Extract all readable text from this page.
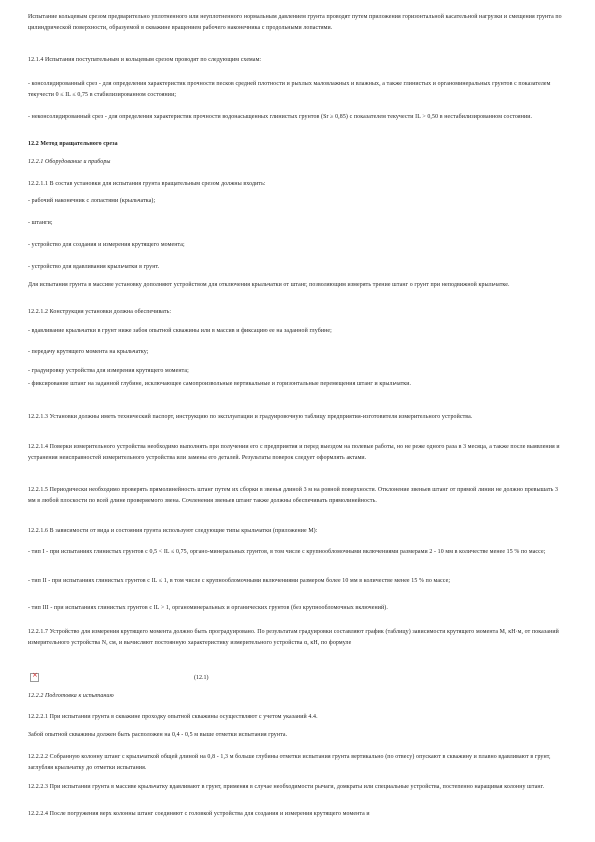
Испытание кольцевым срезом предварительно уплотненного или неуплотненного нормальным давлением грунта проводят путем приложения горизонтальной касательной нагрузки и смещения грунта по цилиндрической поверхности, образуемой в скважине вращением рабочего наконечника с продольными лопастями.

12.1.4 Испытания поступательным и кольцевым срезом проводят по следующим схемам:

- консолидированный срез - для определения характеристик прочности песков средней плотности и рыхлых маловлажных и влажных, а также глинистых и органоминеральных грунтов с показателем текучести 0 ≤ IL ≤ 0,75 в стабилизированном состоянии;

- неконсолидированный срез - для определения характеристик прочности водонасыщенных глинистых грунтов (Sr ≥ 0,85) с показателем текучести IL > 0,50 в нестабилизированном состоянии.

12.2 Метод вращательного среза

12.2.1 Оборудование и приборы

12.2.1.1 В состав установки для испытания грунта вращательным срезом должны входить:

- рабочий наконечник с лопастями (крыльчатка);

- штанги;

- устройство для создания и измерения крутящего момента;

- устройство для вдавливания крыльчатки в грунт.

Для испытания грунта в массиве установку дополняют устройством для отключения крыльчатки от штанг, позволяющим измерять трение штанг о грунт при неподвижной крыльчатке.

12.2.1.2 Конструкция установки должна обеспечивать:

- вдавливание крыльчатки в грунт ниже забоя опытной скважины или в массив и фиксацию ее на заданной глубине;

- передачу крутящего момента на крыльчатку;

- градуировку устройства для измерения крутящего момента;

- фиксирование штанг на заданной глубине, исключающее самопроизвольные вертикальные и горизонтальные перемещения штанг и крыльчатки.

12.2.1.3 Установки должны иметь технический паспорт, инструкцию по эксплуатации и градуировочную таблицу предприятия-изготовителя измерительного устройства.

12.2.1.4 Поверки измерительного устройства необходимо выполнять при получении его с предприятия и перед выездом на полевые работы, но не реже одного раза в 3 месяца, а также после выявления и устранения неисправностей измерительного устройства или замены его деталей. Результаты поверок следует оформлять актами.

12.2.1.5 Периодически необходимо проверять прямолинейность штанг путем их сборки в звенья длиной 3 м на ровной поверхности. Отклонение звеньев штанг от прямой линии не должно превышать 3 мм в любой плоскости по всей длине проверяемого звена. Сочленения звеньев штанг также должны обеспечивать прямолинейность.

12.2.1.6 В зависимости от вида и состояния грунта используют следующие типы крыльчатки (приложение М):

- тип I - при испытаниях глинистых грунтов с 0,5 < IL ≤ 0,75, органо-минеральных грунтов, в том числе с крупнообломочными включениями размерами 2 - 10 мм в количестве менее 15 % по массе;

- тип II - при испытаниях глинистых грунтов с IL ≤ 1, в том числе с крупнообломочными включениями размером более 10 мм в количестве менее 15 % по массе;

- тип III - при испытаниях глинистых грунтов с IL > 1, органоминеральных и органических грунтов (без крупнообломочных включений).

12.2.1.7 Устройство для измерения крутящего момента должно быть проградуировано. По результатам градуировки составляют график (таблицу) зависимости крутящего момента M, кН·м, от показаний измерительного устройства N, см, и вычисляют постоянную характеристику измерительного устройства α, кН, по формуле

×
(12.1)

12.2.2 Подготовка к испытанию

12.2.2.1 При испытании грунта в скважине проходку опытной скважины осуществляют с учетом указаний 4.4.

Забой опытной скважины должен быть расположен на 0,4 - 0,5 м выше отметки испытания грунта.

12.2.2.2 Собранную колонну штанг с крыльчаткой общей длиной на 0,8 - 1,3 м больше глубины отметки испытания грунта вертикально (по отвесу) опускают в скважину и плавно вдавливают в грунт, заглубляя крыльчатку до отметки испытания.

12.2.2.3 При испытании грунта в массиве крыльчатку вдавливают в грунт, применяя в случае необходимости рычаги, домкраты или специальные устройства, постепенно наращивая колонну штанг.

12.2.2.4 После погружения верх колонны штанг соединяют с головкой устройства для создания и измерения крутящего момента и
